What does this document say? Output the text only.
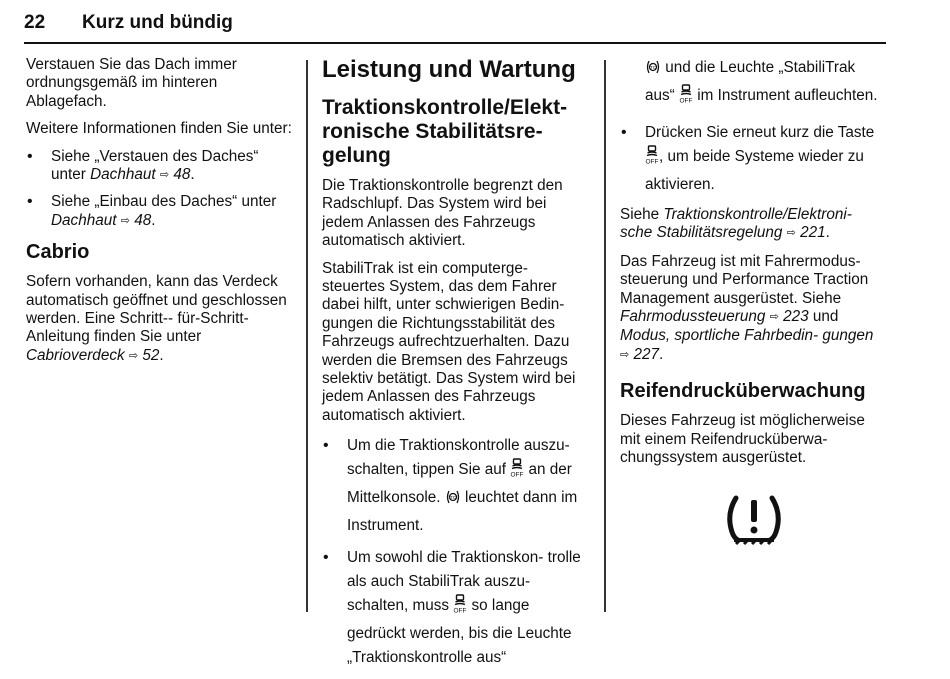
22 Kurz und bündig

Verstauen Sie das Dach immer ordnungsgemäß im hinteren Ablagefach.

Weitere Informationen finden Sie unter:

• Siehe „Verstauen des Daches“ unter Dachhaut ⇨ 48.
• Siehe „Einbau des Daches“ unter Dachhaut ⇨ 48.
Cabrio

Sofern vorhanden, kann das Verdeck automatisch geöffnet und geschlossen werden. Eine Schritt-- für-Schritt-Anleitung finden Sie unter Cabrioverdeck ⇨ 52.

Leistung und Wartung
Traktionskontrolle/Elekt- ronische Stabilitätsre- gelung

Die Traktionskontrolle begrenzt den Radschlupf. Das System wird bei jedem Anlassen des Fahrzeugs automatisch aktiviert.

StabiliTrak ist ein computerge- steuertes System, das dem Fahrer dabei hilft, unter schwierigen Bedin- gungen die Richtungsstabilität des Fahrzeugs aufrechtzuerhalten. Dazu werden die Bremsen des Fahrzeugs selektiv betätigt. Das System wird bei jedem Anlassen des Fahrzeugs automatisch aktiviert.

• Um die Traktionskontrolle auszu- schalten, tippen Sie auf OFF an der Mittelkonsole. TC leuchtet dann im Instrument.
• Um sowohl die Traktionskon- trolle als auch StabiliTrak auszu- schalten, muss OFF so lange gedrückt werden, bis die Leuchte „Traktionskontrolle aus“

TC und die Leuchte „StabiliTrak aus“ OFF im Instrument aufleuchten.

• Drücken Sie erneut kurz die Taste
OFF , um beide Systeme wieder zu aktivieren.

Siehe Traktionskontrolle/Elektroni- sche Stabilitätsregelung ⇨ 221.

Das Fahrzeug ist mit Fahrermodus- steuerung und Performance Traction Management ausgerüstet. Siehe Fahrmodussteuerung ⇨ 223 und Modus, sportliche Fahrbedin- gungen ⇨ 227.

Reifendrucküberwachung

Dieses Fahrzeug ist möglicherweise mit einem Reifendrucküberwa- chungssystem ausgerüstet.
